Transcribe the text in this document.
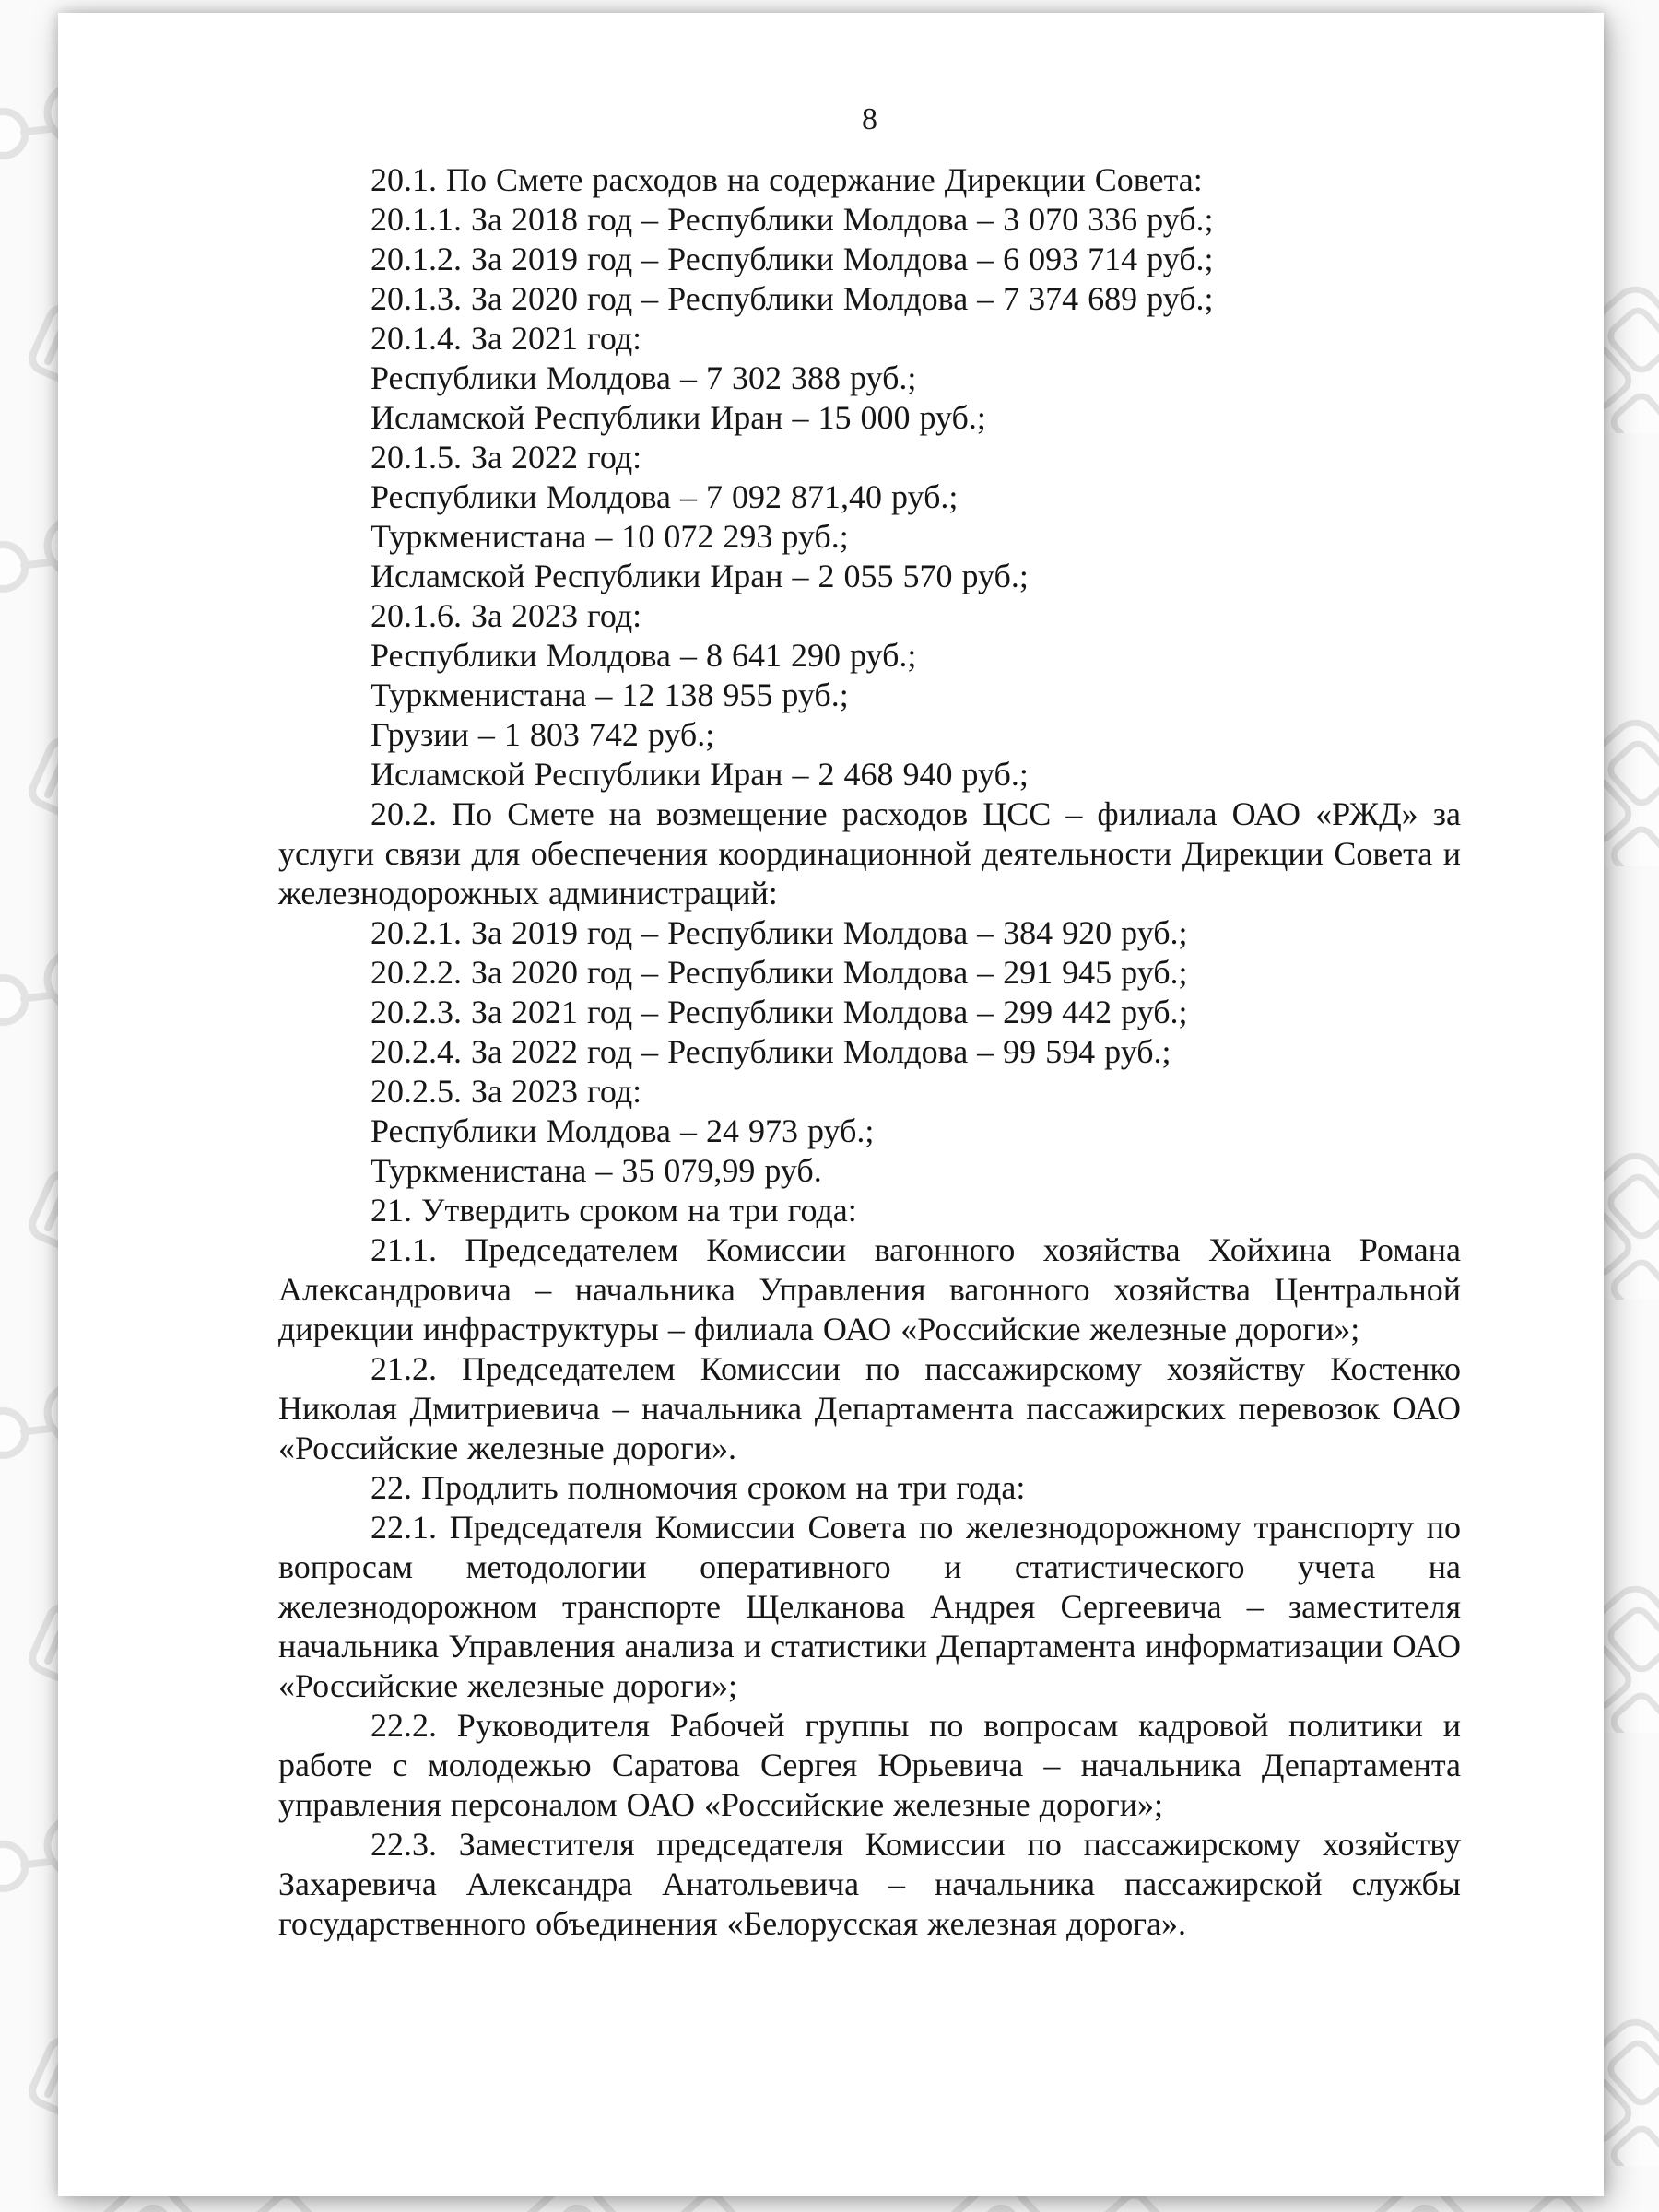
8
20.1. По Смете расходов на содержание Дирекции Совета:
20.1.1. За 2018 год – Республики Молдова – 3 070 336 руб.;
20.1.2. За 2019 год – Республики Молдова – 6 093 714 руб.;
20.1.3. За 2020 год – Республики Молдова – 7 374 689 руб.;
20.1.4. За 2021 год:
Республики Молдова – 7 302 388 руб.;
Исламской Республики Иран – 15 000 руб.;
20.1.5. За 2022 год:
Республики Молдова – 7 092 871,40 руб.;
Туркменистана – 10 072 293 руб.;
Исламской Республики Иран – 2 055 570 руб.;
20.1.6. За 2023 год:
Республики Молдова – 8 641 290 руб.;
Туркменистана – 12 138 955 руб.;
Грузии – 1 803 742 руб.;
Исламской Республики Иран – 2 468 940 руб.;
20.2. По Смете на возмещение расходов ЦСС – филиала ОАО «РЖД» за услуги связи для обеспечения координационной деятельности Дирекции Совета и железнодорожных администраций:
20.2.1. За 2019 год – Республики Молдова – 384 920 руб.;
20.2.2. За 2020 год – Республики Молдова – 291 945 руб.;
20.2.3. За 2021 год – Республики Молдова – 299 442 руб.;
20.2.4. За 2022 год – Республики Молдова – 99 594 руб.;
20.2.5. За 2023 год:
Республики Молдова – 24 973 руб.;
Туркменистана – 35 079,99 руб.
21. Утвердить сроком на три года:
21.1. Председателем Комиссии вагонного хозяйства Хойхина Романа Александровича – начальника Управления вагонного хозяйства Центральной дирекции инфраструктуры – филиала ОАО «Российские железные дороги»;
21.2. Председателем Комиссии по пассажирскому хозяйству Костенко Николая Дмитриевича – начальника Департамента пассажирских перевозок ОАО «Российские железные дороги».
22. Продлить полномочия сроком на три года:
22.1. Председателя Комиссии Совета по железнодорожному транспорту по вопросам методологии оперативного и статистического учета на железнодорожном транспорте Щелканова Андрея Сергеевича – заместителя начальника Управления анализа и статистики Департамента информатизации ОАО «Российские железные дороги»;
22.2. Руководителя Рабочей группы по вопросам кадровой политики и работе с молодежью Саратова Сергея Юрьевича – начальника Департамента управления персоналом ОАО «Российские железные дороги»;
22.3. Заместителя председателя Комиссии по пассажирскому хозяйству Захаревича Александра Анатольевича – начальника пассажирской службы государственного объединения «Белорусская железная дорога».
